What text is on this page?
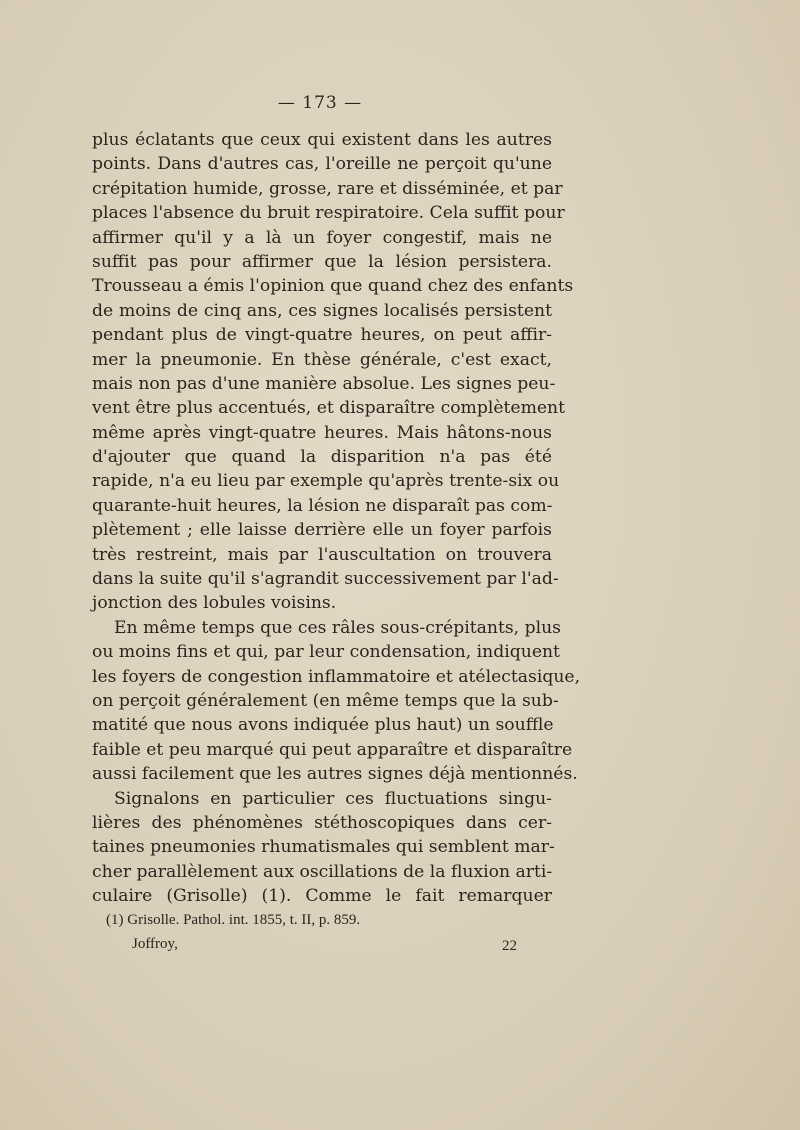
— 173 —
plus éclatants que ceux qui existent dans les autres
points. Dans d'autres cas, l'oreille ne perçoit qu'une
crépitation humide, grosse, rare et disséminée, et par
places l'absence du bruit respiratoire. Cela suffit pour
affirmer qu'il y a là un foyer congestif, mais ne
suffit pas pour affirmer que la lésion persistera.
Trousseau a émis l'opinion que quand chez des enfants
de moins de cinq ans, ces signes localisés persistent
pendant plus de vingt-quatre heures, on peut affir-
mer la pneumonie. En thèse générale, c'est exact,
mais non pas d'une manière absolue. Les signes peu-
vent être plus accentués, et disparaître complètement
même après vingt-quatre heures. Mais hâtons-nous
d'ajouter que quand la disparition n'a pas été
rapide, n'a eu lieu par exemple qu'après trente-six ou
quarante-huit heures, la lésion ne disparaît pas com-
plètement ; elle laisse derrière elle un foyer parfois
très restreint, mais par l'auscultation on trouvera
dans la suite qu'il s'agrandit successivement par l'ad-
jonction des lobules voisins.
En même temps que ces râles sous-crépitants, plus
ou moins fins et qui, par leur condensation, indiquent
les foyers de congestion inflammatoire et atélectasique,
on perçoit généralement (en même temps que la sub-
matité que nous avons indiquée plus haut) un souffle
faible et peu marqué qui peut apparaître et disparaître
aussi facilement que les autres signes déjà mentionnés.
Signalons en particulier ces fluctuations singu-
lières des phénomènes stéthoscopiques dans cer-
taines pneumonies rhumatismales qui semblent mar-
cher parallèlement aux oscillations de la fluxion arti-
culaire (Grisolle) (1). Comme le fait remarquer
(1) Grisolle. Pathol. int. 1855, t. II, p. 859.
Joffroy,	22
